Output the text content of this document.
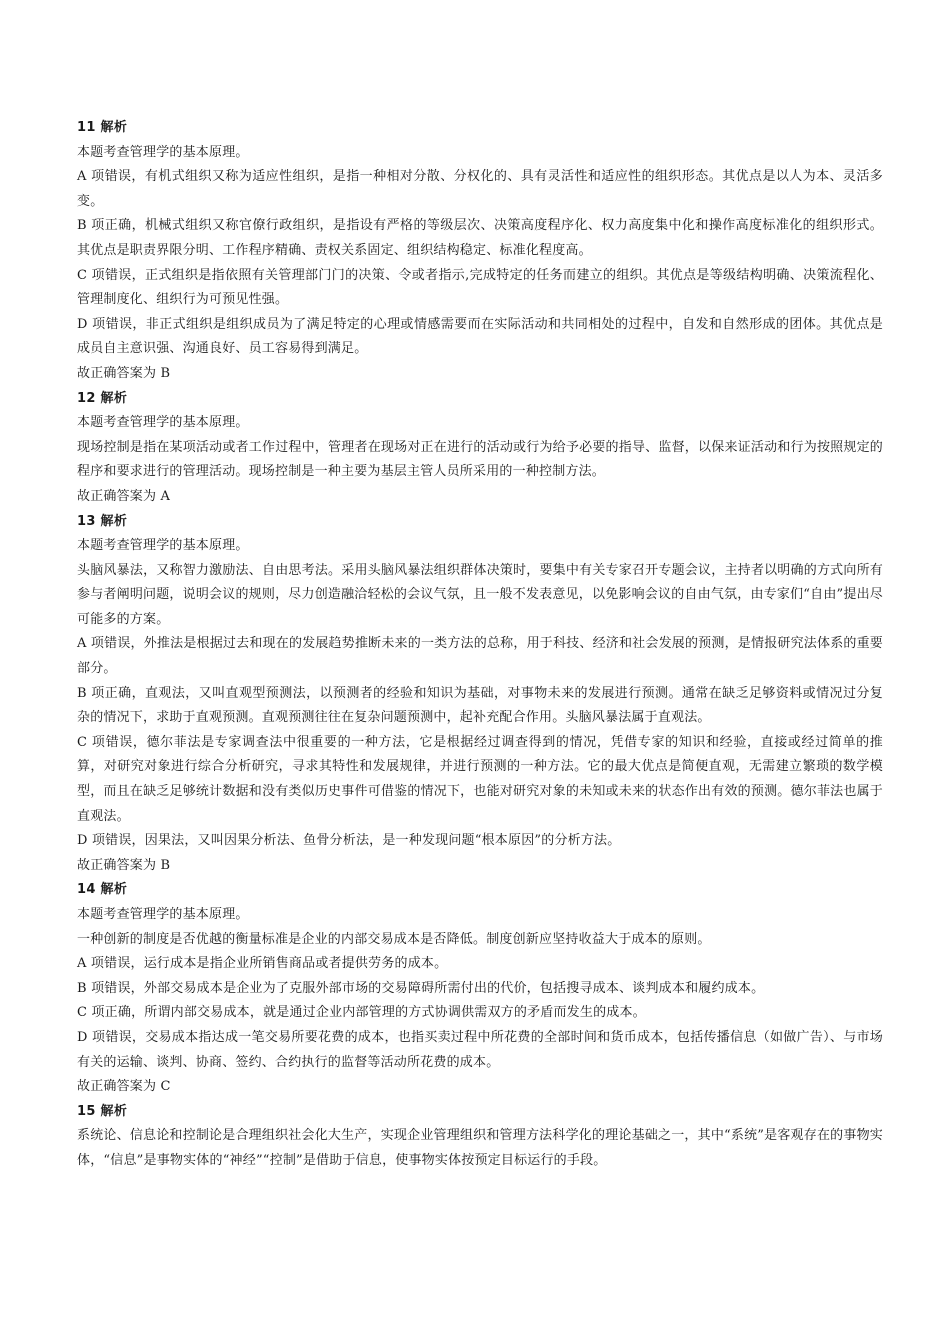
11 解析

本题考查管理学的基本原理。

A 项错误，有机式组织又称为适应性组织，是指一种相对分散、分权化的、具有灵活性和适应性的组织形态。其优点是以人为本、灵活多变。

B 项正确，机械式组织又称官僚行政组织，是指设有严格的等级层次、决策高度程序化、权力高度集中化和操作高度标准化的组织形式。其优点是职责界限分明、工作程序精确、责权关系固定、组织结构稳定、标准化程度高。

C 项错误，正式组织是指依照有关管理部门门的决策、令或者指示,完成特定的任务而建立的组织。其优点是等级结构明确、决策流程化、管理制度化、组织行为可预见性强。

D 项错误，非正式组织是组织成员为了满足特定的心理或情感需要而在实际活动和共同相处的过程中，自发和自然形成的团体。其优点是成员自主意识强、沟通良好、员工容易得到满足。

故正确答案为 B

12 解析

本题考查管理学的基本原理。

现场控制是指在某项活动或者工作过程中，管理者在现场对正在进行的活动或行为给予必要的指导、监督，以保来证活动和行为按照规定的程序和要求进行的管理活动。现场控制是一种主要为基层主管人员所采用的一种控制方法。

故正确答案为 A

13 解析

本题考查管理学的基本原理。

头脑风暴法，又称智力激励法、自由思考法。采用头脑风暴法组织群体决策时，要集中有关专家召开专题会议，主持者以明确的方式向所有参与者阐明问题，说明会议的规则，尽力创造融洽轻松的会议气氛，且一般不发表意见，以免影响会议的自由气氛，由专家们“自由”提出尽可能多的方案。

A 项错误，外推法是根据过去和现在的发展趋势推断未来的一类方法的总称，用于科技、经济和社会发展的预测，是情报研究法体系的重要部分。

B 项正确，直观法，又叫直观型预测法，以预测者的经验和知识为基础，对事物未来的发展进行预测。通常在缺乏足够资料或情况过分复杂的情况下，求助于直观预测。直观预测往往在复杂问题预测中，起补充配合作用。头脑风暴法属于直观法。

C 项错误，德尔菲法是专家调查法中很重要的一种方法，它是根据经过调查得到的情况，凭借专家的知识和经验，直接或经过简单的推算，对研究对象进行综合分析研究，寻求其特性和发展规律，并进行预测的一种方法。它的最大优点是简便直观，无需建立繁琐的数学模型，而且在缺乏足够统计数据和没有类似历史事件可借鉴的情况下，也能对研究对象的未知或未来的状态作出有效的预测。德尔菲法也属于直观法。

D 项错误，因果法，又叫因果分析法、鱼骨分析法，是一种发现问题“根本原因”的分析方法。

故正确答案为 B

14 解析

本题考查管理学的基本原理。

一种创新的制度是否优越的衡量标准是企业的内部交易成本是否降低。制度创新应坚持收益大于成本的原则。

A 项错误，运行成本是指企业所销售商品或者提供劳务的成本。

B 项错误，外部交易成本是企业为了克服外部市场的交易障碍所需付出的代价，包括搜寻成本、谈判成本和履约成本。

C 项正确，所谓内部交易成本，就是通过企业内部管理的方式协调供需双方的矛盾而发生的成本。

D 项错误，交易成本指达成一笔交易所要花费的成本，也指买卖过程中所花费的全部时间和货币成本，包括传播信息（如做广告）、与市场有关的运输、谈判、协商、签约、合约执行的监督等活动所花费的成本。

故正确答案为 C

15 解析

系统论、信息论和控制论是合理组织社会化大生产，实现企业管理组织和管理方法科学化的理论基础之一，其中“系统”是客观存在的事物实体，“信息”是事物实体的“神经”“控制”是借助于信息，使事物实体按预定目标运行的手段。
